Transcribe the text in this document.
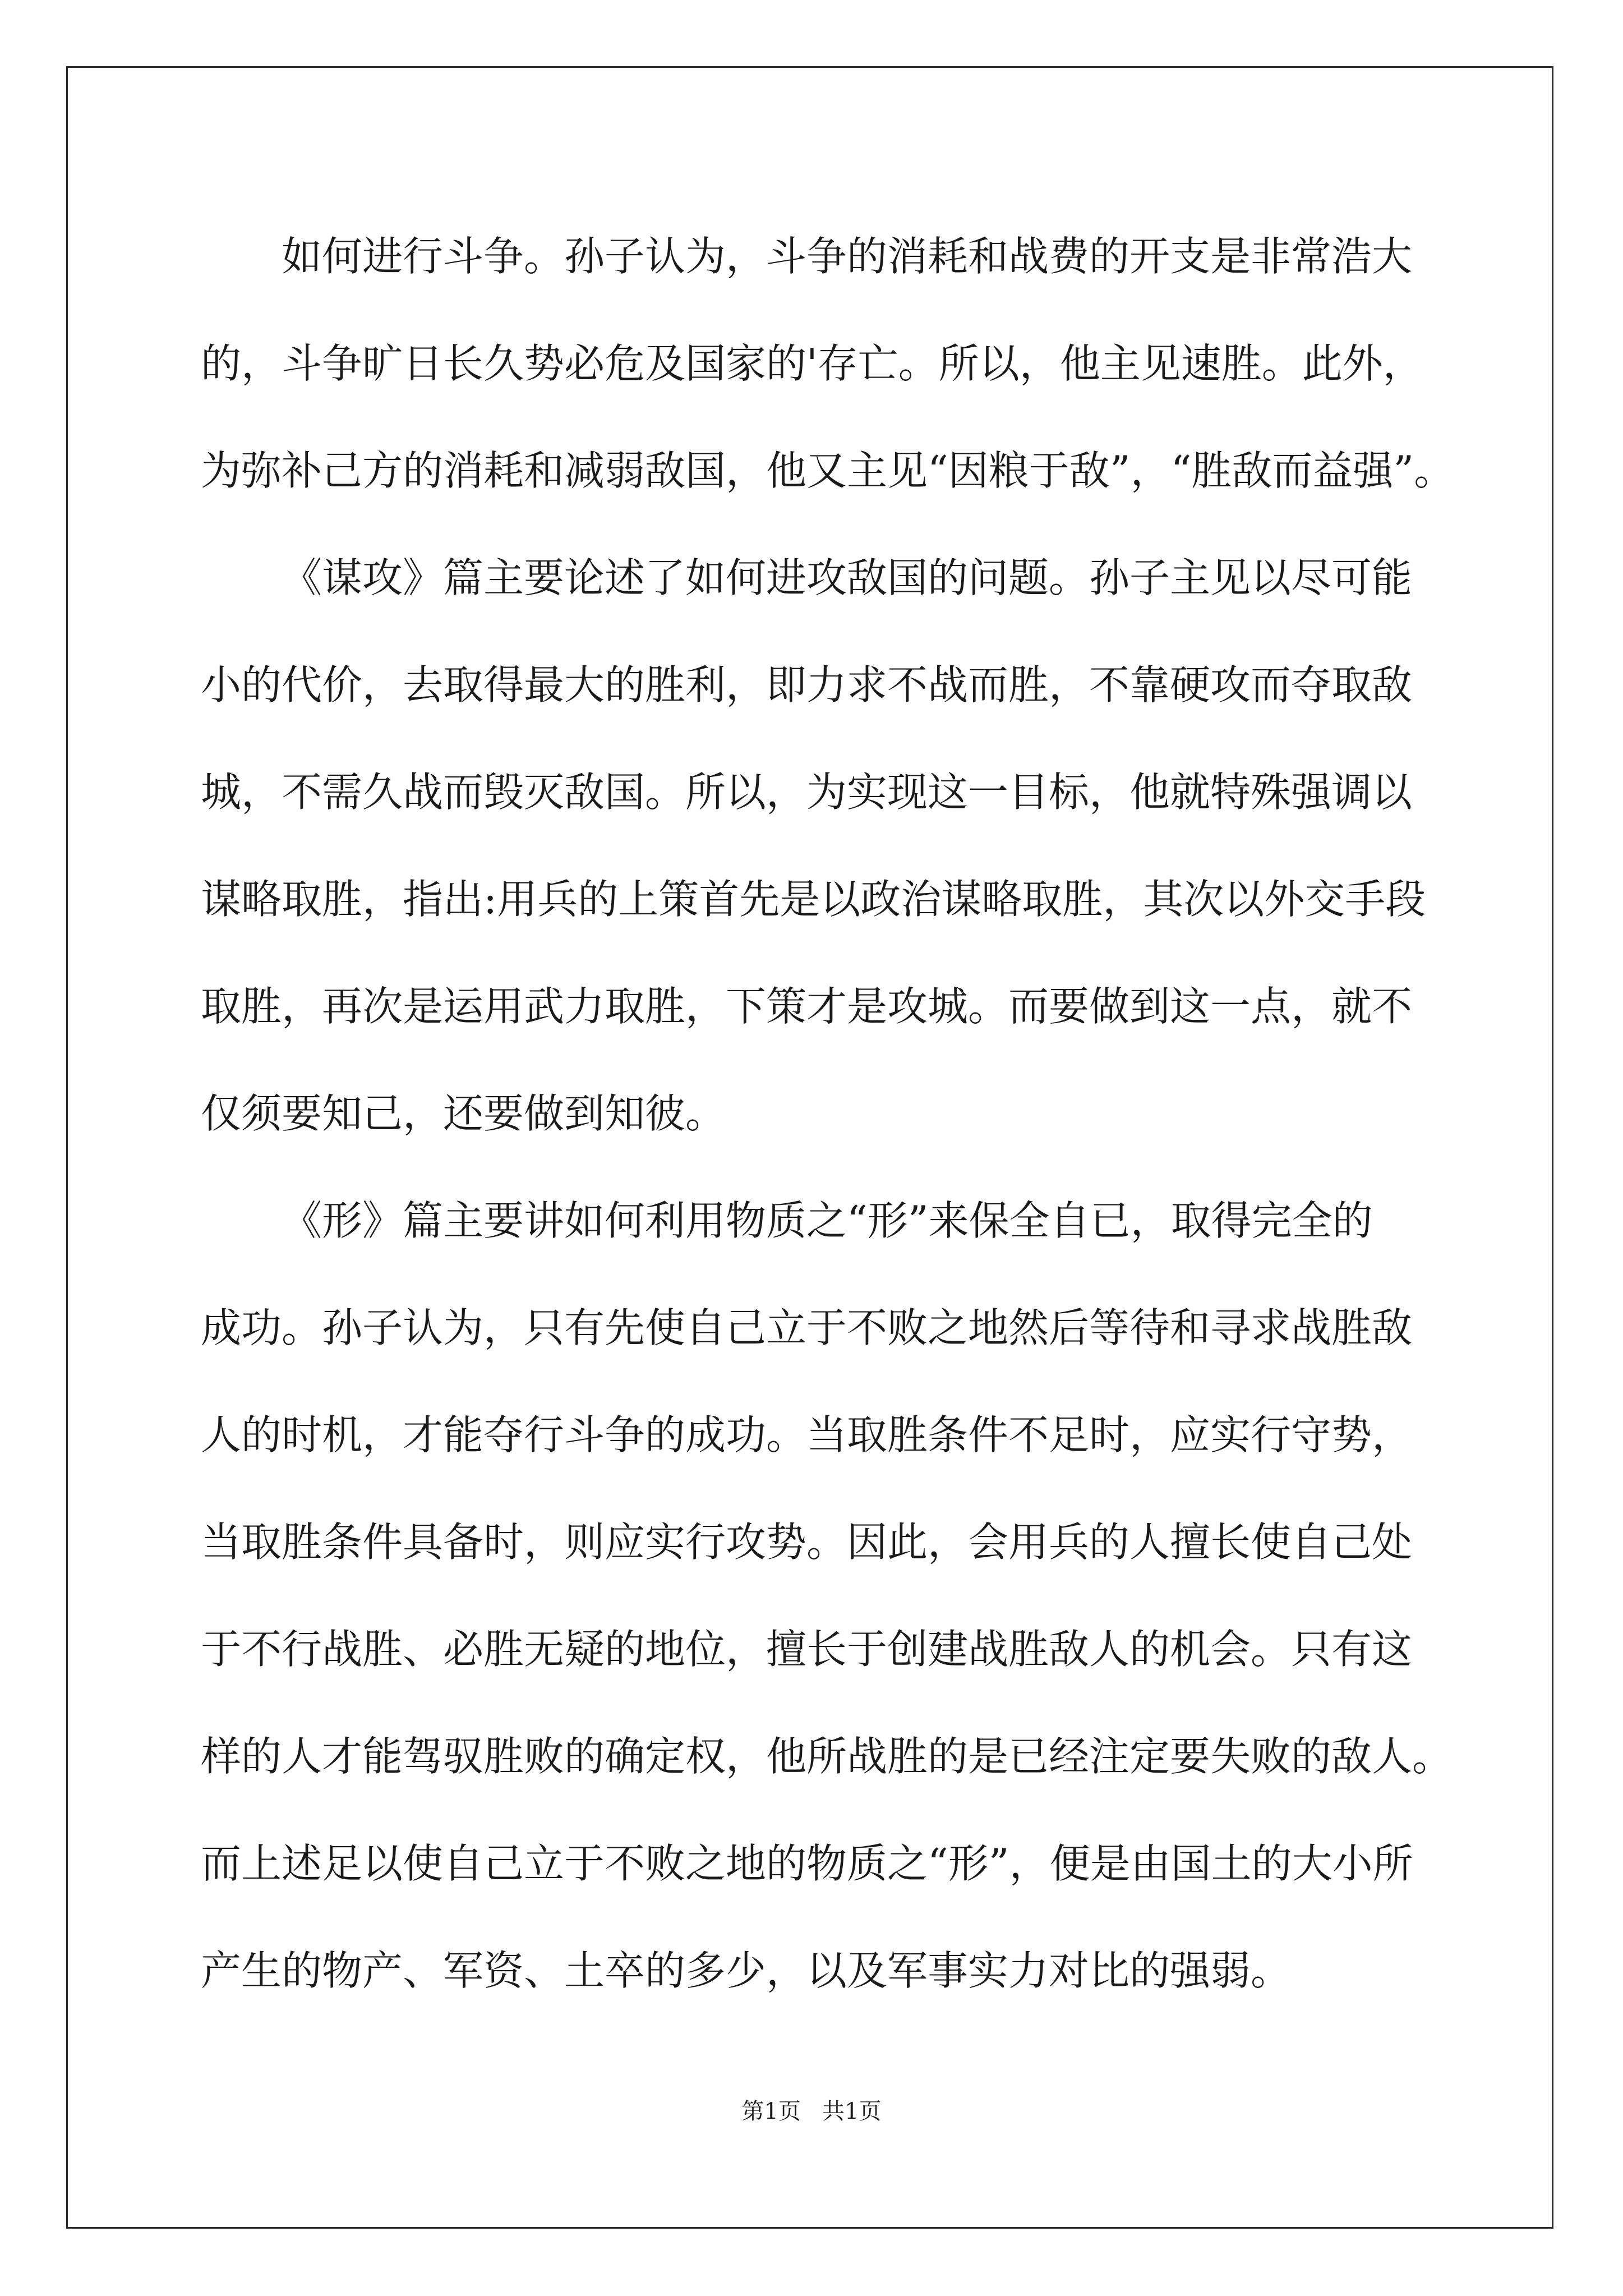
如何进行斗争。孙子认为，斗争的消耗和战费的开支是非常浩大
的，斗争旷日长久势必危及国家的'存亡。所以，他主见速胜。此外，
为弥补己方的消耗和减弱敌国，他又主见“因粮于敌”，“胜敌而益强”。
《谋攻》篇主要论述了如何进攻敌国的问题。孙子主见以尽可能
小的代价，去取得最大的胜利，即力求不战而胜，不靠硬攻而夺取敌
城，不需久战而毁灭敌国。所以，为实现这一目标，他就特殊强调以
谋略取胜，指出:用兵的上策首先是以政治谋略取胜，其次以外交手段
取胜，再次是运用武力取胜，下策才是攻城。而要做到这一点，就不
仅须要知己，还要做到知彼。
《形》篇主要讲如何利用物质之“形”来保全自已，取得完全的
成功。孙子认为，只有先使自己立于不败之地然后等待和寻求战胜敌
人的时机，才能夺行斗争的成功。当取胜条件不足时，应实行守势，
当取胜条件具备时，则应实行攻势。因此，会用兵的人擅长使自己处
于不行战胜、必胜无疑的地位，擅长于创建战胜敌人的机会。只有这
样的人才能驾驭胜败的确定权，他所战胜的是已经注定要失败的敌人。
而上述足以使自己立于不败之地的物质之“形”，便是由国土的大小所
产生的物产、军资、土卒的多少，以及军事实力对比的强弱。
第1页   共1页
